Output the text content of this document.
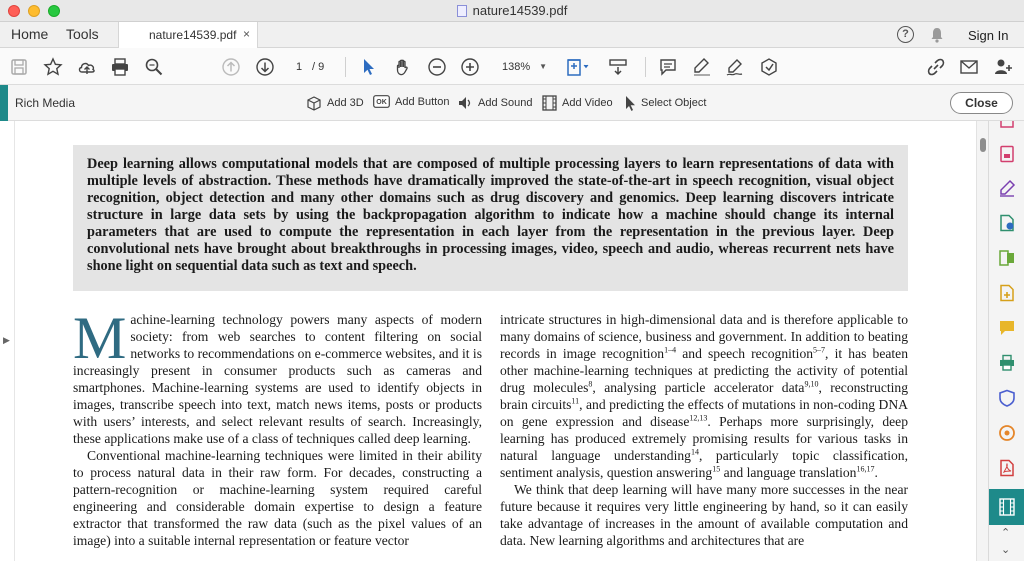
nature14539.pdf
Home Tools	nature14539.pdf ×	?	Sign In
1 / 9	138% ▼
Rich Media	Add 3D OK Add Button	Add Sound	Add Video	Select Object	Close
▶
Deep learning allows computational models that are composed of multiple processing layers to learn representations of data with multiple levels of abstraction. These methods have dramatically improved the state-of-the-art in speech recognition, visual object recognition, object detection and many other domains such as drug discovery and genomics. Deep learning discovers intricate structure in large data sets by using the backpropagation algorithm to indicate how a machine should change its internal parameters that are used to compute the representation in each layer from the representation in the previous layer. Deep convolutional nets have brought about breakthroughs in processing images, video, speech and audio, whereas recurrent nets have shone light on sequential data such as text and speech.

Machine-learning technology powers many aspects of modern society: from web searches to content filtering on social networks to recommendations on e-commerce websites, and it is increasingly present in consumer products such as cameras and smartphones. Machine-learning systems are used to identify objects in images, transcribe speech into text, match news items, posts or products with users’ interests, and select relevant results of search. Increasingly, these applications make use of a class of techniques called deep learning.

Conventional machine-learning techniques were limited in their ability to process natural data in their raw form. For decades, constructing a pattern-recognition or machine-learning system required careful engineering and considerable domain expertise to design a feature extractor that transformed the raw data (such as the pixel values of an image) into a suitable internal representation or feature vector

intricate structures in high-dimensional data and is therefore applicable to many domains of science, business and government. In addition to beating records in image recognition$^{1-4}$ and speech recognition$^{5-7}$, it has beaten other machine-learning techniques at predicting the activity of potential drug molecules$^8$, analysing particle accelerator data$^{9,10}$, reconstructing brain circuits$^{11}$, and predicting the effects of mutations in non-coding DNA on gene expression and disease$^{12,13}$. Perhaps more surprisingly, deep learning has produced extremely promising results for various tasks in natural language understanding$^{14}$, particularly topic classification, sentiment analysis, question answering$^{15}$ and language translation$^{16,17}$.

We think that deep learning will have many more successes in the near future because it requires very little engineering by hand, so it can easily take advantage of increases in the amount of available computation and data. New learning algorithms and architectures that are	⌃
⌄
